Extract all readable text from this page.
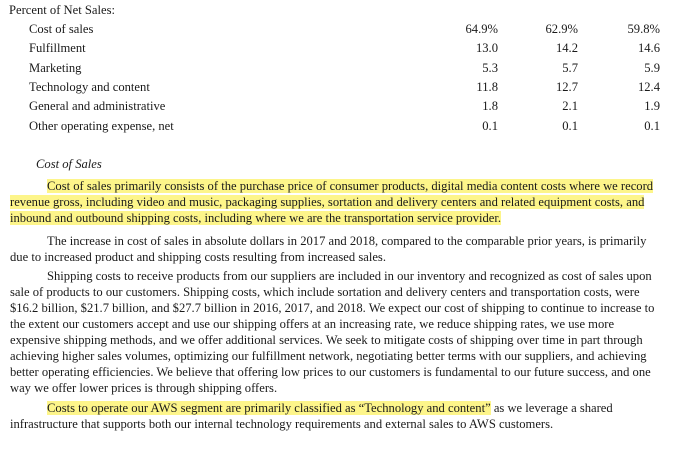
Percent of Net Sales:
Cost of sales	64.9%	62.9%	59.8%
Fulfillment	13.0	14.2	14.6
Marketing	5.3	5.7	5.9
Technology and content	11.8	12.7	12.4
General and administrative	1.8	2.1	1.9
Other operating expense, net	0.1	0.1	0.1
Cost of Sales
Cost of sales primarily consists of the purchase price of consumer products, digital media content costs where we record
revenue gross, including video and music, packaging supplies, sortation and delivery centers and related equipment costs, and
inbound and outbound shipping costs, including where we are the transportation service provider.
The increase in cost of sales in absolute dollars in 2017 and 2018, compared to the comparable prior years, is primarily
due to increased product and shipping costs resulting from increased sales.
Shipping costs to receive products from our suppliers are included in our inventory and recognized as cost of sales upon
sale of products to our customers. Shipping costs, which include sortation and delivery centers and transportation costs, were
$16.2 billion, $21.7 billion, and $27.7 billion in 2016, 2017, and 2018. We expect our cost of shipping to continue to increase to
the extent our customers accept and use our shipping offers at an increasing rate, we reduce shipping rates, we use more
expensive shipping methods, and we offer additional services. We seek to mitigate costs of shipping over time in part through
achieving higher sales volumes, optimizing our fulfillment network, negotiating better terms with our suppliers, and achieving
better operating efficiencies. We believe that offering low prices to our customers is fundamental to our future success, and one
way we offer lower prices is through shipping offers.
Costs to operate our AWS segment are primarily classified as “Technology and content” as we leverage a shared
infrastructure that supports both our internal technology requirements and external sales to AWS customers.
